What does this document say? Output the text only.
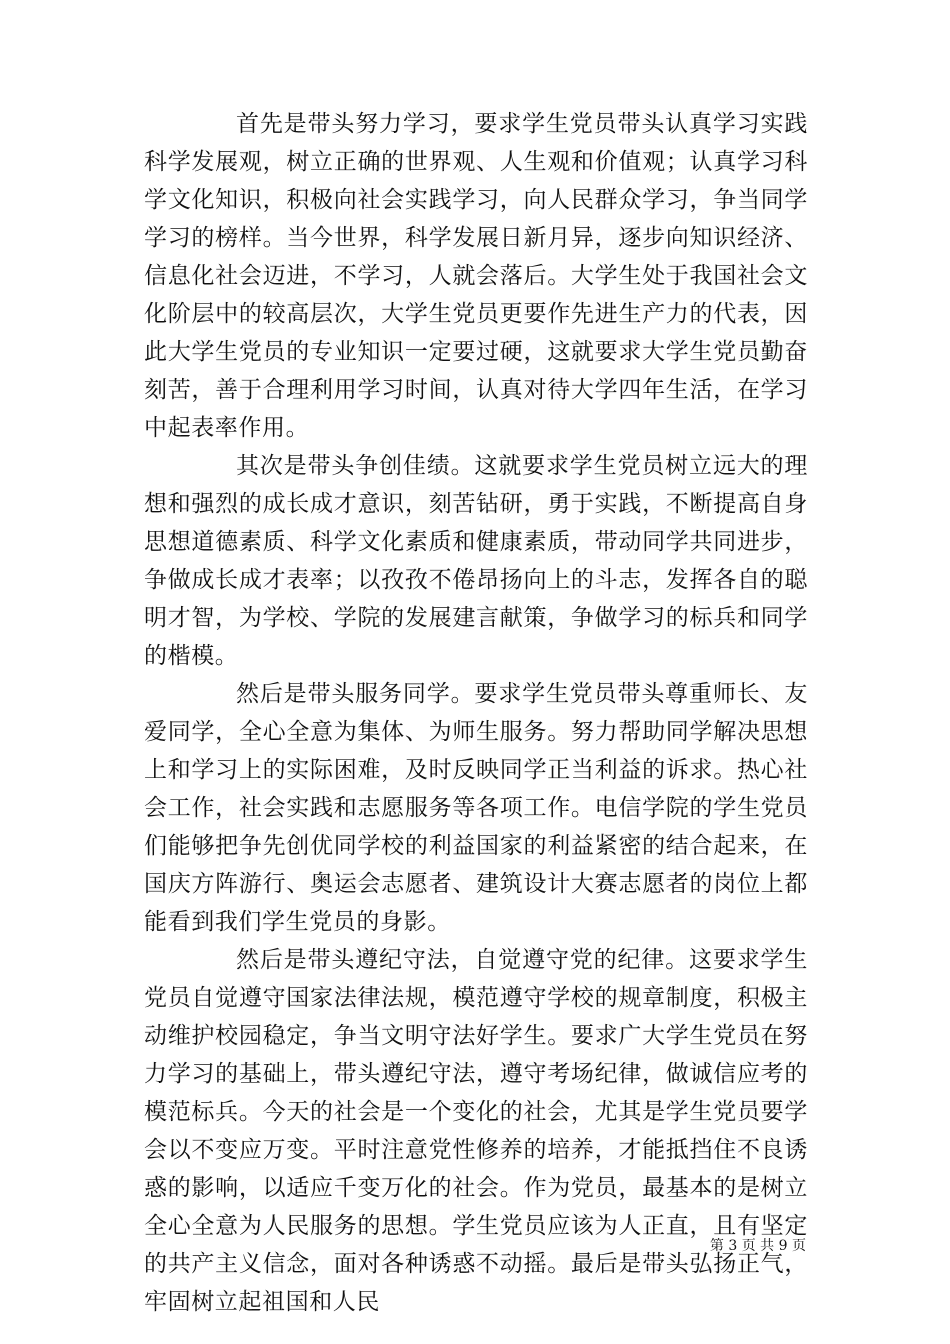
首先是带头努力学习，要求学生党员带头认真学习实践科学发展观，树立正确的世界观、人生观和价值观；认真学习科学文化知识，积极向社会实践学习，向人民群众学习，争当同学学习的榜样。当今世界，科学发展日新月异，逐步向知识经济、信息化社会迈进，不学习，人就会落后。大学生处于我国社会文化阶层中的较高层次，大学生党员更要作先进生产力的代表，因此大学生党员的专业知识一定要过硬，这就要求大学生党员勤奋刻苦，善于合理利用学习时间，认真对待大学四年生活，在学习中起表率作用。

其次是带头争创佳绩。这就要求学生党员树立远大的理想和强烈的成长成才意识，刻苦钻研，勇于实践，不断提高自身思想道德素质、科学文化素质和健康素质，带动同学共同进步，争做成长成才表率；以孜孜不倦昂扬向上的斗志，发挥各自的聪明才智，为学校、学院的发展建言献策，争做学习的标兵和同学的楷模。

然后是带头服务同学。要求学生党员带头尊重师长、友爱同学，全心全意为集体、为师生服务。努力帮助同学解决思想上和学习上的实际困难，及时反映同学正当利益的诉求。热心社会工作，社会实践和志愿服务等各项工作。电信学院的学生党员们能够把争先创优同学校的利益国家的利益紧密的结合起来，在国庆方阵游行、奥运会志愿者、建筑设计大赛志愿者的岗位上都能看到我们学生党员的身影。

然后是带头遵纪守法，自觉遵守党的纪律。这要求学生党员自觉遵守国家法律法规，模范遵守学校的规章制度，积极主动维护校园稳定，争当文明守法好学生。要求广大学生党员在努力学习的基础上，带头遵纪守法，遵守考场纪律，做诚信应考的模范标兵。今天的社会是一个变化的社会，尤其是学生党员要学会以不变应万变。平时注意党性修养的培养，才能抵挡住不良诱惑的影响，以适应千变万化的社会。作为党员，最基本的是树立全心全意为人民服务的思想。学生党员应该为人正直，且有坚定的共产主义信念，面对各种诱惑不动摇。最后是带头弘扬正气，牢固树立起祖国和人民

第 3 页 共 9 页
